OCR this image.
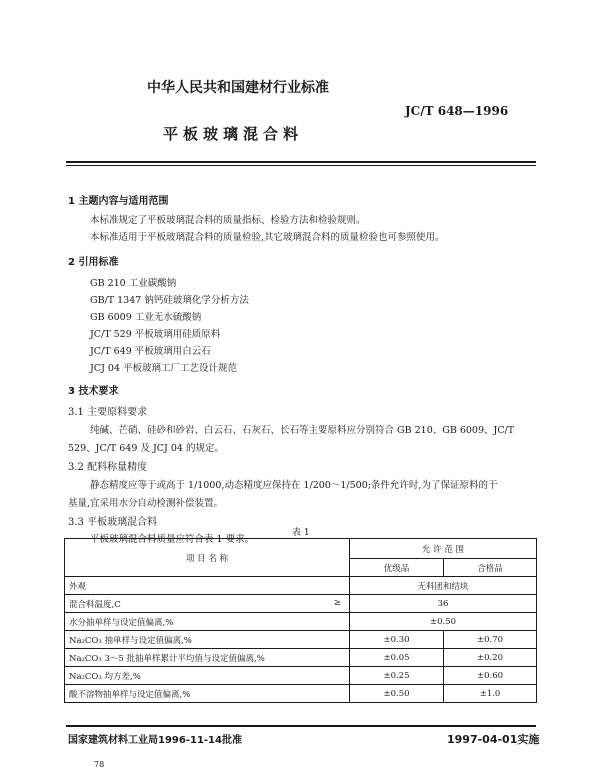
中华人民共和国建材行业标准
JC/T 648—1996
平板玻璃混合料
1 主题内容与适用范围
本标准规定了平板玻璃混合料的质量指标、检验方法和检验规则。
本标准适用于平板玻璃混合料的质量检验,其它玻璃混合料的质量检验也可参照使用。
2 引用标准
GB 210 工业碳酸钠
GB/T 1347 钠钙硅玻璃化学分析方法
GB 6009 工业无水硫酸钠
JC/T 529 平板玻璃用硅质原料
JC/T 649 平板玻璃用白云石
JCJ 04 平板玻璃工厂工艺设计规范
3 技术要求
3.1 主要原料要求
纯碱、芒硝、硅砂和砂岩、白云石、石灰石、长石等主要原料应分别符合 GB 210、GB 6009、JC/T
529、JC/T 649 及 JCJ 04 的规定。
3.2 配料称量精度
静态精度应等于或高于 1/1000,动态精度应保持在 1/200～1/500;条件允许时,为了保证原料的干
基量,宜采用水分自动检测补偿装置。
3.3 平板玻璃混合料
平板玻璃混合料质量应符合表 1 要求。
表 1
项 目 名 称	允 许 范 围	
	优级品	合格品
外观	无料团和结块	
混合料温度,C ≥	36	
水分抽单样与设定值偏离,%	±0.50	
Na₂CO₃ 抽单样与设定值偏离,%	±0.30	±0.70
Na₂CO₃ 3～5 批抽单样累计平均值与设定值偏离,%	±0.05	±0.20
Na₂CO₃ 均方差,%	±0.25	±0.60
酸不溶物抽单样与设定值偏离,%	±0.50	±1.0
国家建筑材料工业局1996-11-14批准	1997-04-01实施
78
